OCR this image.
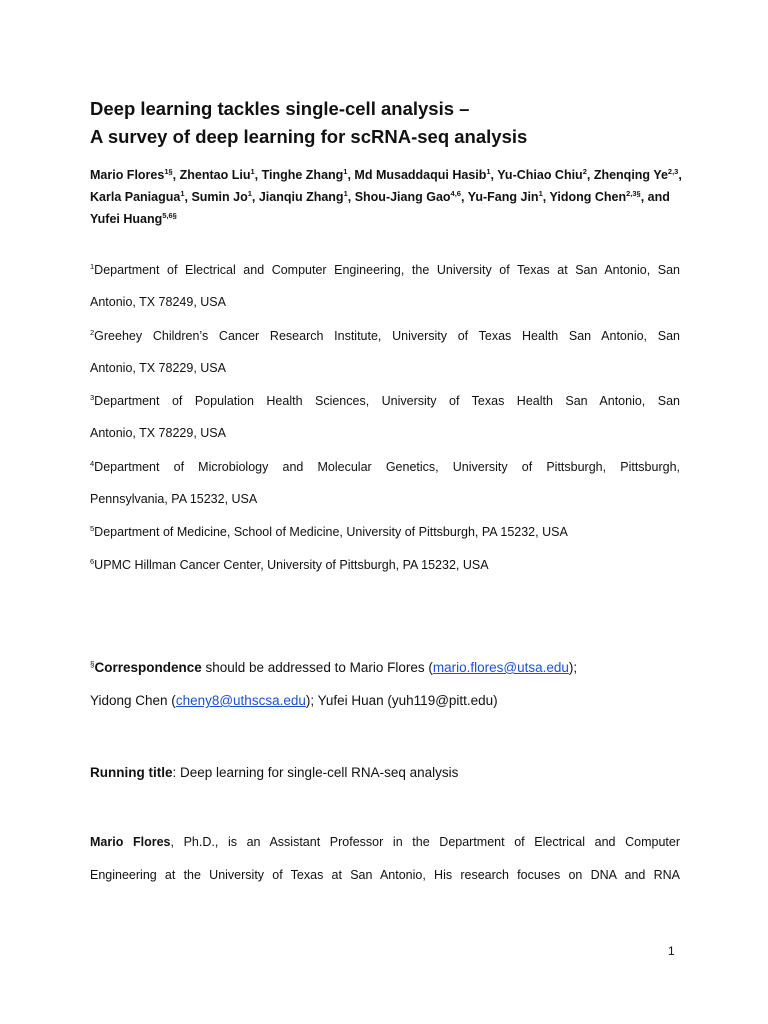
Deep learning tackles single-cell analysis –
A survey of deep learning for scRNA-seq analysis

Mario Flores$^{1\S}$, Zhentao Liu$^1$, Tinghe Zhang$^1$, Md Musaddaqui Hasib$^1$, Yu-Chiao Chiu$^2$, Zhenqing Ye$^{2,3}$, Karla Paniagua$^1$, Sumin Jo$^1$, Jianqiu Zhang$^1$, Shou-Jiang Gao$^{4,6}$, Yu-Fang Jin$^1$, Yidong Chen$^{2,3\S}$, and Yufei Huang$^{5,6\S}$

$^1$Department of Electrical and Computer Engineering, the University of Texas at San Antonio, San
Antonio, TX 78249, USA

$^2$Greehey Children’s Cancer Research Institute, University of Texas Health San Antonio, San
Antonio, TX 78229, USA

$^3$Department of Population Health Sciences, University of Texas Health San Antonio, San
Antonio, TX 78229, USA

$^4$Department of Microbiology and Molecular Genetics, University of Pittsburgh, Pittsburgh,
Pennsylvania, PA 15232, USA

$^5$Department of Medicine, School of Medicine, University of Pittsburgh, PA 15232, USA

$^6$UPMC Hillman Cancer Center, University of Pittsburgh, PA 15232, USA

§Correspondence should be addressed to Mario Flores (mario.flores@utsa.edu);
Yidong Chen (cheny8@uthscsa.edu); Yufei Huan (yuh119@pitt.edu)

Running title: Deep learning for single-cell RNA-seq analysis

Mario Flores, Ph.D., is an Assistant Professor in the Department of Electrical and Computer
Engineering at the University of Texas at San Antonio, His research focuses on DNA and RNA

1
